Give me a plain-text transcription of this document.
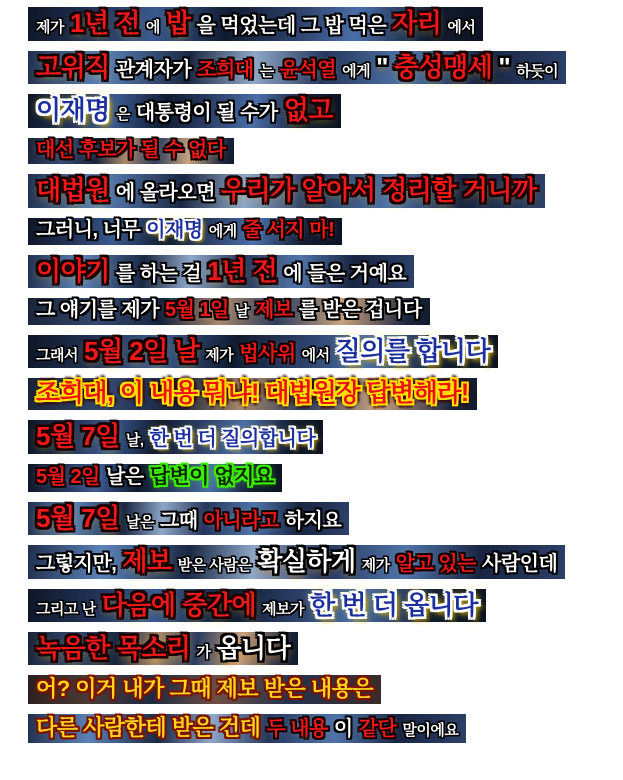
제가 1년 전 에 밥 을 먹었는데 그 밥 먹은 자리 에서
고위직 관계자가 조희대 는 윤석열 에게 " 충성맹세 " 하듯이
이재명 은 대통령이 될 수가 없고
대선 후보가 될 수 없다
대법원 에 올라오면 우리가 알아서 정리할 거니까
그러니, 너무 이재명 에게 줄 서지 마!
이야기 를 하는 걸 1년 전 에 들은 거예요
그 얘기를 제가 5월 1일 날 제보 를 받은 겁니다
그래서 5월 2일 날 제가 법사위 에서 질의를 합니다
조희대, 이 내용 뭐냐! 대법원장 답변해라!
5월 7일 날, 한 번 더 질의합니다
5월 2일 날은 답변이 없지요
5월 7일 날은 그때 아니라고 하지요
그렇지만, 제보 받은 사람은 확실하게 제가 알고 있는 사람인데
그리고 난 다음에 중간에 제보가 한 번 더 옵니다
녹음한 목소리 가 옵니다
어? 이거 내가 그때 제보 받은 내용은
다른 사람한테 받은 건데 두 내용 이 같단 말이에요
